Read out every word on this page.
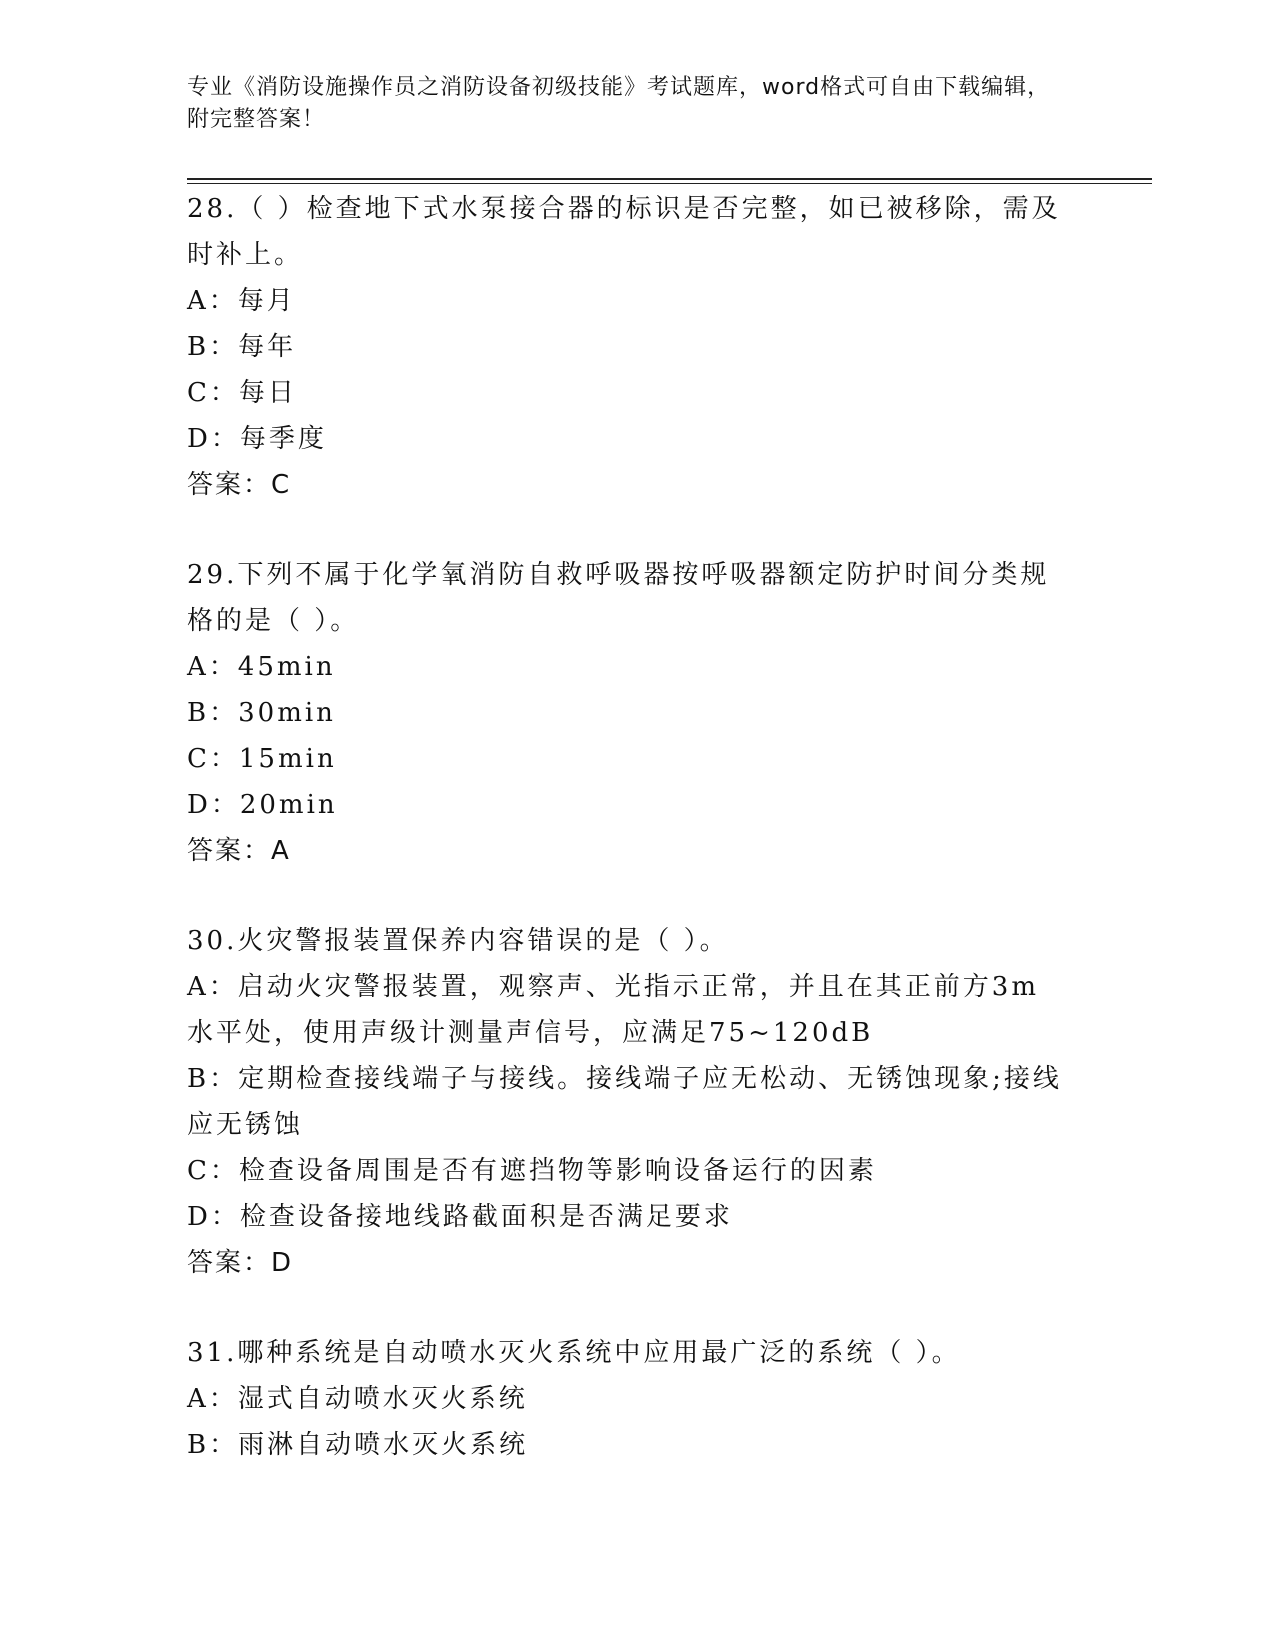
专业《消防设施操作员之消防设备初级技能》考试题库，word格式可自由下载编辑，附完整答案！
28.（ ）检查地下式水泵接合器的标识是否完整，如已被移除，需及时补上。
A：每月
B：每年
C：每日
D：每季度
答案：C
29.下列不属于化学氧消防自救呼吸器按呼吸器额定防护时间分类规格的是（ ）。
A：45min
B：30min
C：15min
D：20min
答案：A
30.火灾警报装置保养内容错误的是（ ）。
A：启动火灾警报装置，观察声、光指示正常，并且在其正前方3m水平处，使用声级计测量声信号，应满足75~120dB
B：定期检查接线端子与接线。接线端子应无松动、无锈蚀现象;接线应无锈蚀
C：检查设备周围是否有遮挡物等影响设备运行的因素
D：检查设备接地线路截面积是否满足要求
答案：D
31.哪种系统是自动喷水灭火系统中应用最广泛的系统（ ）。
A：湿式自动喷水灭火系统
B：雨淋自动喷水灭火系统
